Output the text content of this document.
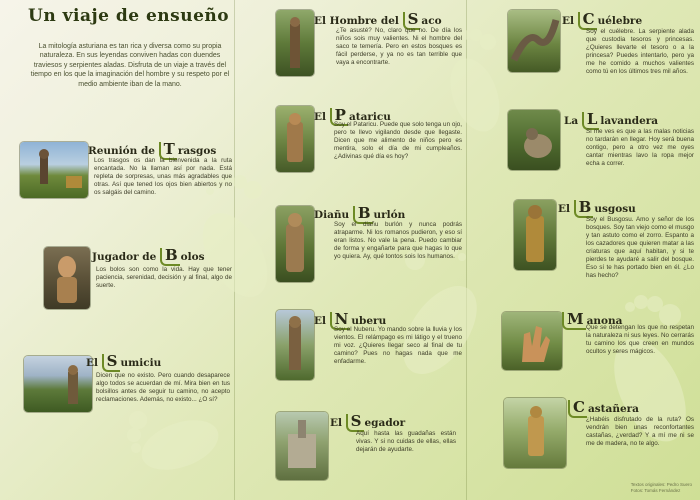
Un viaje de ensueño

La mitología asturiana es tan rica y diversa como su propia naturaleza. En sus leyendas conviven hadas con duendes traviesos y serpientes aladas. Disfruta de un viaje a través del tiempo en los que la imaginación del hombre y su respeto por el medio ambiente iban de la mano.

Reunión de T rasgos

Los trasgos os dan la bienvenida a la ruta encantada. No la llaman así por nada. Está repleta de sorpresas, unas más agradables que otras. Así que tened los ojos bien abiertos y no os salgáis del camino.

Jugador de B olos

Los bolos son como la vida. Hay que tener paciencia, serenidad, decisión y al final, algo de suerte.

El S umiciu

Dicen que no existo. Pero cuando desaparece algo todos se acuerdan de mí. Mira bien en tus bolsillos antes de seguir tu camino, no acepto reclamaciones. Además, no existo... ¿O sí?

El Hombre del S aco

¿Te asusté? No, claro que no. De día los niños sois muy valientes. Ni el hombre del saco te temería. Pero en estos bosques es fácil perderse, y ya no es tan terrible que vaya a encontrarte.

El P atаricu

Soy el Patаricu. Puede que solo tenga un ojo, pero te llevo vigilando desde que llegaste. Dicen que me alimento de niños pero es mentira, solo el día de mi cumpleaños. ¿Adivinas qué día es hoy?

Diañu B urlón

Soy el diañu burlón y nunca podrás atraparme. Ni los romanos pudieron, y eso sí eran listos. No vale la pena. Puedo cambiar de forma y engañarte para que hagas lo que yo quiera. Ay, qué tontos sois los humanos.

El N uberu

Soy el Nuberu. Yo mando sobre la lluvia y los vientos. El relámpago es mi látigo y el trueno mi voz. ¿Quieres llegar seco al final de tu camino? Pues no hagas nada que me enfadarme.

El S egador

Aquí hasta las guadañas están vivas. Y si no cuidas de ellas, ellas dejarán de ayudarte.

El C uélebre

Soy el cuélebre. La serpiente alada que custodia tesoros y princesas. ¿Quieres llevarte el tesoro o a la princesa? Puedes intentarlo, pero ya me he comido a muchos valientes como tú en los últimos tres mil años.

La L lavandera

Si me ves es que a las malas noticias no tardarán en llegar. Hoy será buena contigo, pero a otro vez me oyes cantar mientras lavo la ropa mejor echa a correr.

El B usgosu

Soy el Busgosu. Amo y señor de los bosques. Soy tan viejo como el musgo y tan astuto como el zorro. Espanto a los cazadores que quieren matar a las criaturas que aquí habitan, y si te pierdes te ayudaré a salir del bosque. Eso sí te has portado bien en él. ¿Lo has hecho?

M anona

Que se detengan los que no respetan la naturaleza ni sus leyes. No cerrarás tu camino los que creen en mundos ocultos y seres mágicos.

C astañera

¿Habéis disfrutado de la ruta? Os vendrán bien unas reconfortantes castañas, ¿verdad? Y a mí me ni se me de madera, no te algo.

Textos originales: Pedro Suero
Fotos: Tomás Fernández
